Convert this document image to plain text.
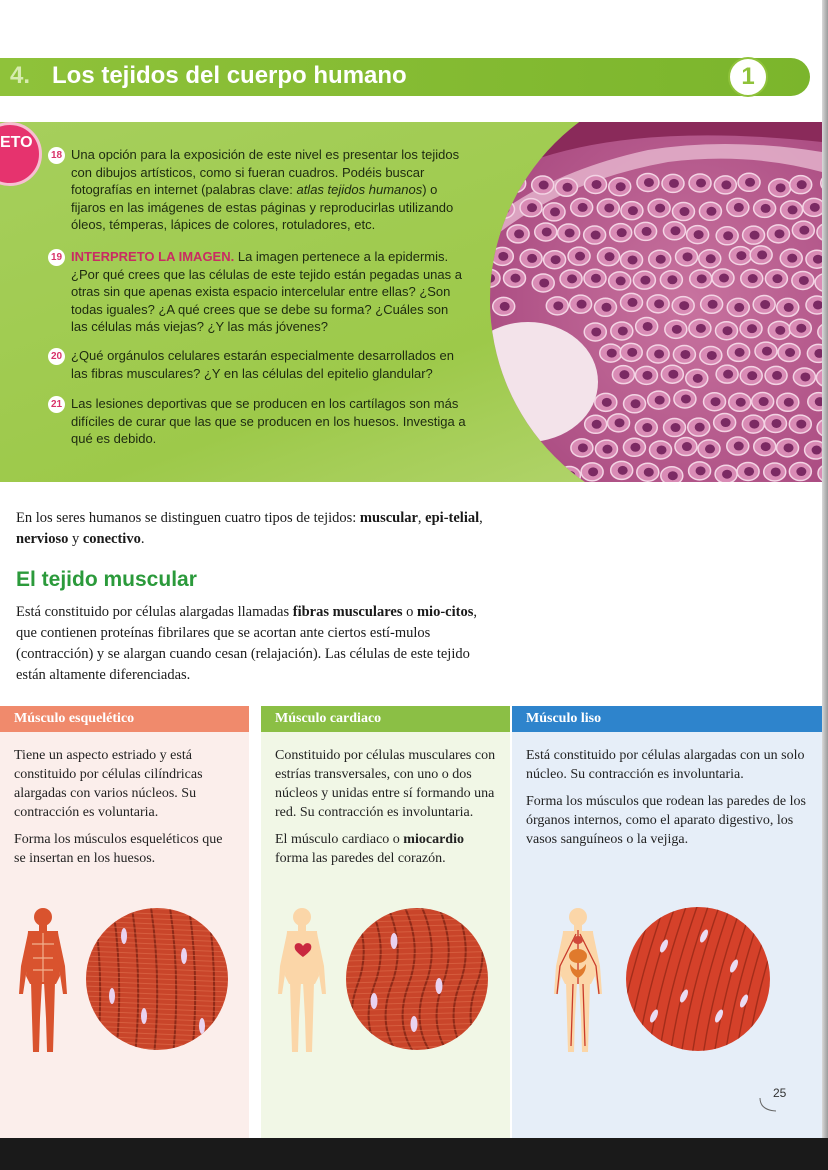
4. Los tejidos del cuerpo humano	1
ETO
18 Una opción para la exposición de este nivel es presentar los tejidos con dibujos artísticos, como si fueran cuadros. Podéis buscar fotografías en internet (palabras clave: atlas tejidos humanos) o fijaros en las imágenes de estas páginas y reproducirlas utilizando óleos, témperas, lápices de colores, rotuladores, etc.
19 INTERPRETO LA IMAGEN. La imagen pertenece a la epidermis. ¿Por qué crees que las células de este tejido están pegadas unas a otras sin que apenas exista espacio intercelular entre ellas? ¿Son todas iguales? ¿A qué crees que se debe su forma? ¿Cuáles son las células más viejas? ¿Y las más jóvenes?
20 ¿Qué orgánulos celulares estarán especialmente desarrollados en las fibras musculares? ¿Y en las células del epitelio glandular?
21 Las lesiones deportivas que se producen en los cartílagos son más difíciles de curar que las que se producen en los huesos. Investiga a qué es debido.
En los seres humanos se distinguen cuatro tipos de tejidos: muscular, epi-telial, nervioso y conectivo.
El tejido muscular
Está constituido por células alargadas llamadas fibras musculares o mio-citos, que contienen proteínas fibrilares que se acortan ante ciertos estí-mulos (contracción) y se alargan cuando cesan (relajación). Las células de este tejido están altamente diferenciadas.
Músculo esquelético

Tiene un aspecto estriado y está constituido por células cilíndricas alargadas con varios núcleos. Su contracción es voluntaria.

Forma los músculos esqueléticos que se insertan en los huesos.

Músculo cardiaco

Constituido por células musculares con estrías transversales, con uno o dos núcleos y unidas entre sí formando una red. Su contracción es involuntaria.

El músculo cardiaco o miocardio forma las paredes del corazón.

Músculo liso

Está constituido por células alargadas con un solo núcleo. Su contracción es involuntaria.

Forma los músculos que rodean las paredes de los órganos internos, como el aparato digestivo, los vasos sanguíneos o la vejiga.

25
